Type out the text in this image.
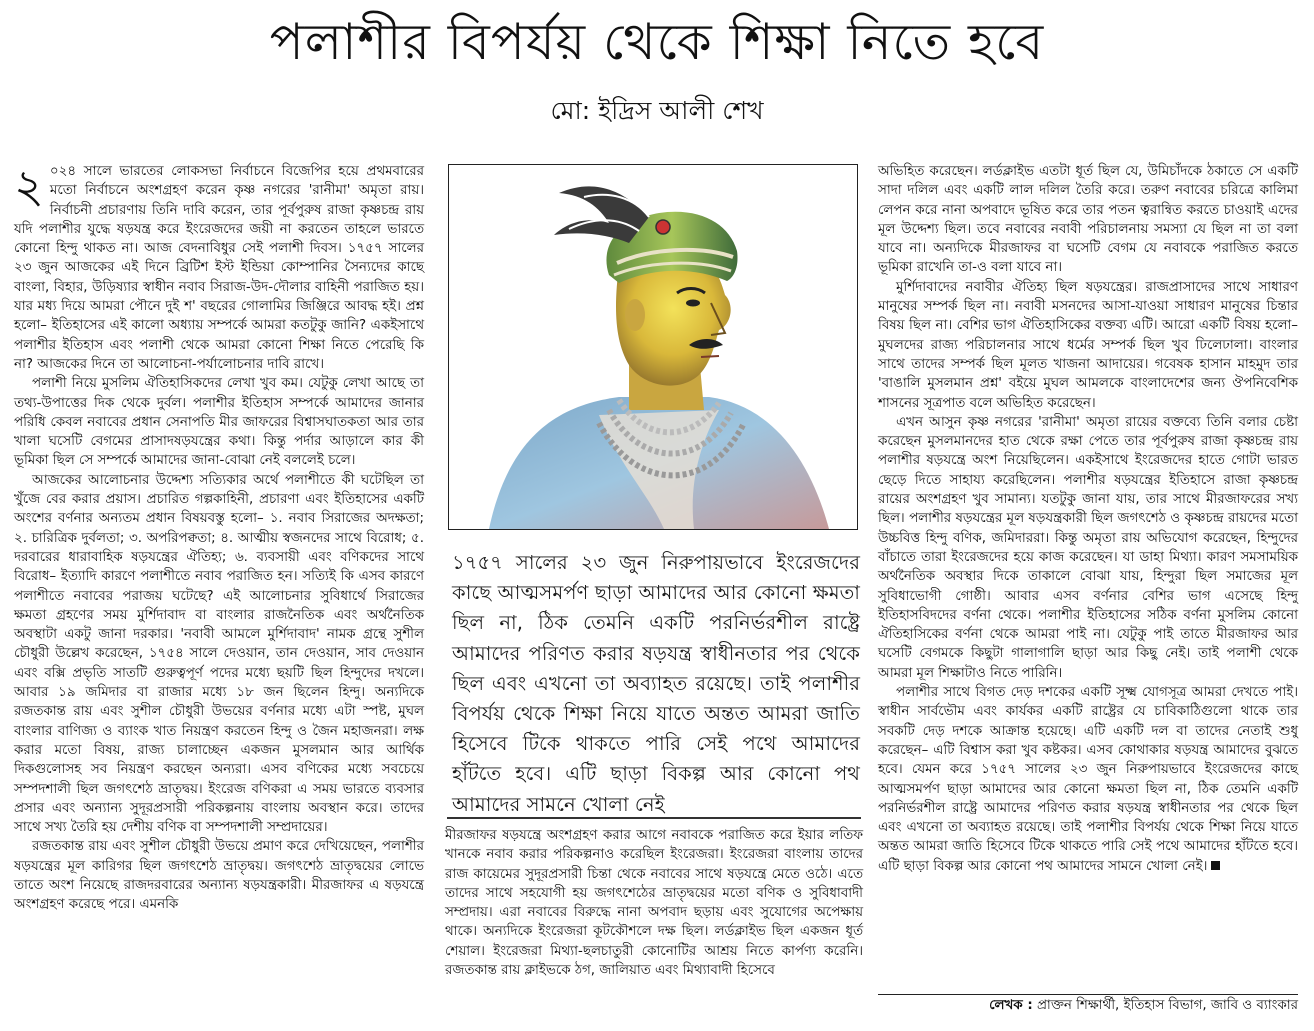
পলাশীর বিপর্যয় থেকে শিক্ষা নিতে হবে

মো: ইদ্রিস আলী শেখ

২ ০২৪ সালে ভারতের লোকসভা নির্বাচনে বিজেপির হয়ে প্রথমবারের মতো নির্বাচনে অংশগ্রহণ করেন কৃষ্ণ নগরের 'রানীমা' অমৃতা রায়। নির্বাচনী প্রচারণায় তিনি দাবি করেন, তার পূর্বপুরুষ রাজা কৃষ্ণচন্দ্র রায় যদি পলাশীর যুদ্ধে ষড়যন্ত্র করে ইংরেজদের জয়ী না করতেন তাহলে ভারতে কোনো হিন্দু থাকত না। আজ বেদনাবিধুর সেই পলাশী দিবস। ১৭৫৭ সালের ২৩ জুন আজকের এই দিনে ব্রিটিশ ইস্ট ইন্ডিয়া কোম্পানির সৈন্যদের কাছে বাংলা, বিহার, উড়িষ্যার স্বাধীন নবাব সিরাজ-উদ-দৌলার বাহিনী পরাজিত হয়। যার মধ্য দিয়ে আমরা পৌনে দুই শ' বছরের গোলামির জিঞ্জিরে আবদ্ধ হই। প্রশ্ন হলো– ইতিহাসের এই কালো অধ্যায় সম্পর্কে আমরা কতটুকু জানি? একইসাথে পলাশীর ইতিহাস এবং পলাশী থেকে আমরা কোনো শিক্ষা নিতে পেরেছি কি না? আজকের দিনে তা আলোচনা-পর্যালোচনার দাবি রাখে।

পলাশী নিয়ে মুসলিম ঐতিহাসিকদের লেখা খুব কম। যেটুকু লেখা আছে তা তথ্য-উপাত্তের দিক থেকে দুর্বল। পলাশীর ইতিহাস সম্পর্কে আমাদের জানার পরিধি কেবল নবাবের প্রধান সেনাপতি মীর জাফরের বিশ্বাসঘাতকতা আর তার খালা ঘসেটি বেগমের প্রাসাদষড়যন্ত্রের কথা। কিন্তু পর্দার আড়ালে কার কী ভূমিকা ছিল সে সম্পর্কে আমাদের জানা-বোঝা নেই বললেই চলে।

আজকের আলোচনার উদ্দেশ্য সত্যিকার অর্থে পলাশীতে কী ঘটেছিল তা খুঁজে বের করার প্রয়াস। প্রচারিত গল্পকাহিনী, প্রচারণা এবং ইতিহাসের একটি অংশের বর্ণনার অন্যতম প্রধান বিষয়বস্তু হলো– ১. নবাব সিরাজের অদক্ষতা; ২. চারিত্রিক দুর্বলতা; ৩. অপরিপক্বতা; ৪. আত্মীয় স্বজনদের সাথে বিরোধ; ৫. দরবারের ধারাবাহিক ষড়যন্ত্রের ঐতিহ্য; ৬. ব্যবসায়ী এবং বণিকদের সাথে বিরোধ– ইত্যাদি কারণে পলাশীতে নবাব পরাজিত হন। সত্যিই কি এসব কারণে পলাশীতে নবাবের পরাজয় ঘটেছে? এই আলোচনার সুবিধার্থে সিরাজের ক্ষমতা গ্রহণের সময় মুর্শিদাবাদ বা বাংলার রাজনৈতিক এবং অর্থনৈতিক অবস্থাটা একটু জানা দরকার। 'নবাবী আমলে মুর্শিদাবাদ' নামক গ্রন্থে সুশীল চৌধুরী উল্লেখ করেছেন, ১৭৫৪ সালে দেওয়ান, তান দেওয়ান, সাব দেওয়ান এবং বক্সি প্রভৃতি সাতটি গুরুত্বপূর্ণ পদের মধ্যে ছয়টি ছিল হিন্দুদের দখলে। আবার ১৯ জমিদার বা রাজার মধ্যে ১৮ জন ছিলেন হিন্দু। অন্যদিকে রজতকান্ত রায় এবং সুশীল চৌধুরী উভয়ের বর্ণনার মধ্যে এটা স্পষ্ট, মুঘল বাংলার বাণিজ্য ও ব্যাংক খাত নিয়ন্ত্রণ করতেন হিন্দু ও জৈন মহাজনরা। লক্ষ করার মতো বিষয়, রাজ্য চালাচ্ছেন একজন মুসলমান আর আর্থিক দিকগুলোসহ সব নিয়ন্ত্রণ করছেন অন্যরা। এসব বণিকের মধ্যে সবচেয়ে সম্পদশালী ছিল জগৎশেঠ ভ্রাতৃদ্বয়। ইংরেজ বণিকরা এ সময় ভারতে ব্যবসার প্রসার এবং অন্যান্য সুদূরপ্রসারী পরিকল্পনায় বাংলায় অবস্থান করে। তাদের সাথে সখ্য তৈরি হয় দেশীয় বণিক বা সম্পদশালী সম্প্রদায়ের।

রজতকান্ত রায় এবং সুশীল চৌধুরী উভয়ে প্রমাণ করে দেখিয়েছেন, পলাশীর ষড়যন্ত্রের মূল কারিগর ছিল জগৎশেঠ ভ্রাতৃদ্বয়। জগৎশেঠ ভ্রাতৃদ্বয়ের লোভে তাতে অংশ নিয়েছে রাজদরবারের অন্যান্য ষড়যন্ত্রকারী। মীরজাফর এ ষড়যন্ত্রে অংশগ্রহণ করেছে পরে। এমনকি

১৭৫৭ সালের ২৩ জুন নিরুপায়ভাবে ইংরেজদের কাছে আত্মসমর্পণ ছাড়া আমাদের আর কোনো ক্ষমতা ছিল না, ঠিক তেমনি একটি পরনির্ভরশীল রাষ্ট্রে আমাদের পরিণত করার ষড়যন্ত্র স্বাধীনতার পর থেকে ছিল এবং এখনো তা অব্যাহত রয়েছে। তাই পলাশীর বিপর্যয় থেকে শিক্ষা নিয়ে যাতে অন্তত আমরা জাতি হিসেবে টিকে থাকতে পারি সেই পথে আমাদের হাঁটতে হবে। এটি ছাড়া বিকল্প আর কোনো পথ আমাদের সামনে খোলা নেই

মীরজাফর ষড়যন্ত্রে অংশগ্রহণ করার আগে নবাবকে পরাজিত করে ইয়ার লতিফ খানকে নবাব করার পরিকল্পনাও করেছিল ইংরেজরা। ইংরেজরা বাংলায় তাদের রাজ কায়েমের সুদূরপ্রসারী চিন্তা থেকে নবাবের সাথে ষড়যন্ত্রে মেতে ওঠে। এতে তাদের সাথে সহযোগী হয় জগৎশেঠের ভ্রাতৃদ্বয়ের মতো বণিক ও সুবিধাবাদী সম্প্রদায়। এরা নবাবের বিরুদ্ধে নানা অপবাদ ছড়ায় এবং সুযোগের অপেক্ষায় থাকে। অন্যদিকে ইংরেজরা কূটকৌশলে দক্ষ ছিল। লর্ডক্লাইভ ছিল একজন ধূর্ত শেয়াল। ইংরেজরা মিথ্যা-ছলচাতুরী কোনোটির আশ্রয় নিতে কার্পণ্য করেনি। রজতকান্ত রায় ক্লাইভকে ঠগ, জালিয়াত এবং মিথ্যাবাদী হিসেবে

অভিহিত করেছেন। লর্ডক্লাইভ এতটা ধূর্ত ছিল যে, উমিচাঁদকে ঠকাতে সে একটি সাদা দলিল এবং একটি লাল দলিল তৈরি করে। তরুণ নবাবের চরিত্রে কালিমা লেপন করে নানা অপবাদে ভূষিত করে তার পতন ত্বরান্বিত করতে চাওয়াই এদের মূল উদ্দেশ্য ছিল। তবে নবাবের নবাবী পরিচালনায় সমস্যা যে ছিল না তা বলা যাবে না। অন্যদিকে মীরজাফর বা ঘসেটি বেগম যে নবাবকে পরাজিত করতে ভূমিকা রাখেনি তা-ও বলা যাবে না।

মুর্শিদাবাদের নবাবীর ঐতিহ্য ছিল ষড়যন্ত্রের। রাজপ্রাসাদের সাথে সাধারণ মানুষের সম্পর্ক ছিল না। নবাবী মসনদের আসা-যাওয়া সাধারণ মানুষের চিন্তার বিষয় ছিল না। বেশির ভাগ ঐতিহাসিকের বক্তব্য এটি। আরো একটি বিষয় হলো– মুঘলদের রাজ্য পরিচালনার সাথে ধর্মের সম্পর্ক ছিল খুব ঢিলেঢালা। বাংলার সাথে তাদের সম্পর্ক ছিল মূলত খাজনা আদায়ের। গবেষক হাসান মাহমুদ তার 'বাঙালি মুসলমান প্রশ্ন' বইয়ে মুঘল আমলকে বাংলাদেশের জন্য ঔপনিবেশিক শাসনের সূত্রপাত বলে অভিহিত করেছেন।

এখন আসুন কৃষ্ণ নগরের 'রানীমা' অমৃতা রায়ের বক্তব্যে তিনি বলার চেষ্টা করেছেন মুসলমানদের হাত থেকে রক্ষা পেতে তার পূর্বপুরুষ রাজা কৃষ্ণচন্দ্র রায় পলাশীর ষড়যন্ত্রে অংশ নিয়েছিলেন। একইসাথে ইংরেজদের হাতে গোটা ভারত ছেড়ে দিতে সাহায্য করেছিলেন। পলাশীর ষড়যন্ত্রের ইতিহাসে রাজা কৃষ্ণচন্দ্র রায়ের অংশগ্রহণ খুব সামান্য। যতটুকু জানা যায়, তার সাথে মীরজাফরের সখ্য ছিল। পলাশীর ষড়যন্ত্রের মূল ষড়যন্ত্রকারী ছিল জগৎশেঠ ও কৃষ্ণচন্দ্র রায়দের মতো উচ্চবিত্ত হিন্দু বণিক, জমিদাররা। কিন্তু অমৃতা রায় অভিযোগ করেছেন, হিন্দুদের বাঁচাতে তারা ইংরেজদের হয়ে কাজ করেছেন। যা ডাহা মিথ্যা। কারণ সমসাময়িক অর্থনৈতিক অবস্থার দিকে তাকালে বোঝা যায়, হিন্দুরা ছিল সমাজের মূল সুবিধাভোগী গোষ্ঠী। আবার এসব বর্ণনার বেশির ভাগ এসেছে হিন্দু ইতিহাসবিদদের বর্ণনা থেকে। পলাশীর ইতিহাসের সঠিক বর্ণনা মুসলিম কোনো ঐতিহাসিকের বর্ণনা থেকে আমরা পাই না। যেটুকু পাই তাতে মীরজাফর আর ঘসেটি বেগমকে কিছুটা গালাগালি ছাড়া আর কিছু নেই। তাই পলাশী থেকে আমরা মূল শিক্ষাটাও নিতে পারিনি।

পলাশীর সাথে বিগত দেড় দশকের একটি সূক্ষ্ম যোগসূত্র আমরা দেখতে পাই। স্বাধীন সার্বভৌম এবং কার্যকর একটি রাষ্ট্রের যে চাবিকাঠিগুলো থাকে তার সবকটি দেড় দশকে আক্রান্ত হয়েছে। এটি একটি দল বা তাদের নেতাই শুধু করেছেন– এটি বিশ্বাস করা খুব কষ্টকর। এসব কোথাকার ষড়যন্ত্র আমাদের বুঝতে হবে। যেমন করে ১৭৫৭ সালের ২৩ জুন নিরুপায়ভাবে ইংরেজদের কাছে আত্মসমর্পণ ছাড়া আমাদের আর কোনো ক্ষমতা ছিল না, ঠিক তেমনি একটি পরনির্ভরশীল রাষ্ট্রে আমাদের পরিণত করার ষড়যন্ত্র স্বাধীনতার পর থেকে ছিল এবং এখনো তা অব্যাহত রয়েছে। তাই পলাশীর বিপর্যয় থেকে শিক্ষা নিয়ে যাতে অন্তত আমরা জাতি হিসেবে টিকে থাকতে পারি সেই পথে আমাদের হাঁটতে হবে। এটি ছাড়া বিকল্প আর কোনো পথ আমাদের সামনে খোলা নেই।

লেখক : প্রাক্তন শিক্ষার্থী, ইতিহাস বিভাগ, জাবি ও ব্যাংকার
